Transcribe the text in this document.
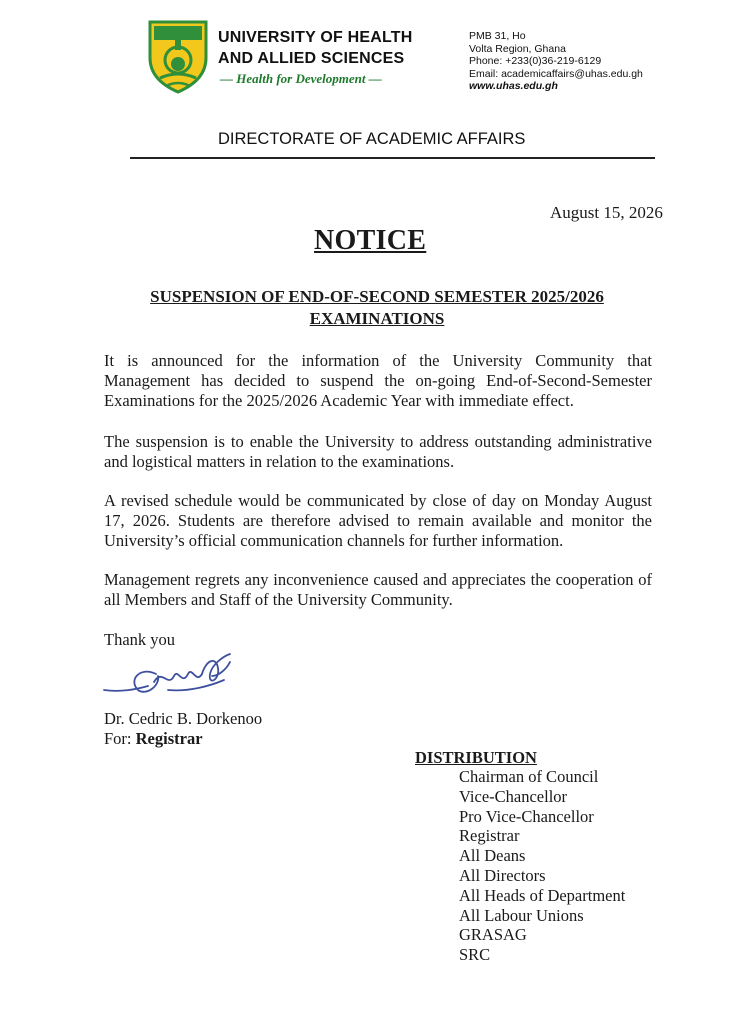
UNIVERSITY OF HEALTH
AND ALLIED SCIENCES
— Health for Development —
PMB 31, Ho
Volta Region, Ghana
Phone: +233(0)36-219-6129
Email: academicaffairs@uhas.edu.gh
www.uhas.edu.gh
DIRECTORATE OF ACADEMIC AFFAIRS
August 15, 2026
NOTICE
SUSPENSION OF END-OF-SECOND SEMESTER 2025/2026 EXAMINATIONS
It is announced for the information of the University Community that Management has decided to suspend the on-going End-of-Second-Semester Examinations for the 2025/2026 Academic Year with immediate effect.
The suspension is to enable the University to address outstanding administrative and logistical matters in relation to the examinations.
A revised schedule would be communicated by close of day on Monday August 17, 2026. Students are therefore advised to remain available and monitor the University’s official communication channels for further information.
Management regrets any inconvenience caused and appreciates the cooperation of all Members and Staff of the University Community.
Thank you
Dr. Cedric B. Dorkenoo
For: Registrar
DISTRIBUTION
Chairman of Council
Vice-Chancellor
Pro Vice-Chancellor
Registrar
All Deans
All Directors
All Heads of Department
All Labour Unions
GRASAG
SRC
